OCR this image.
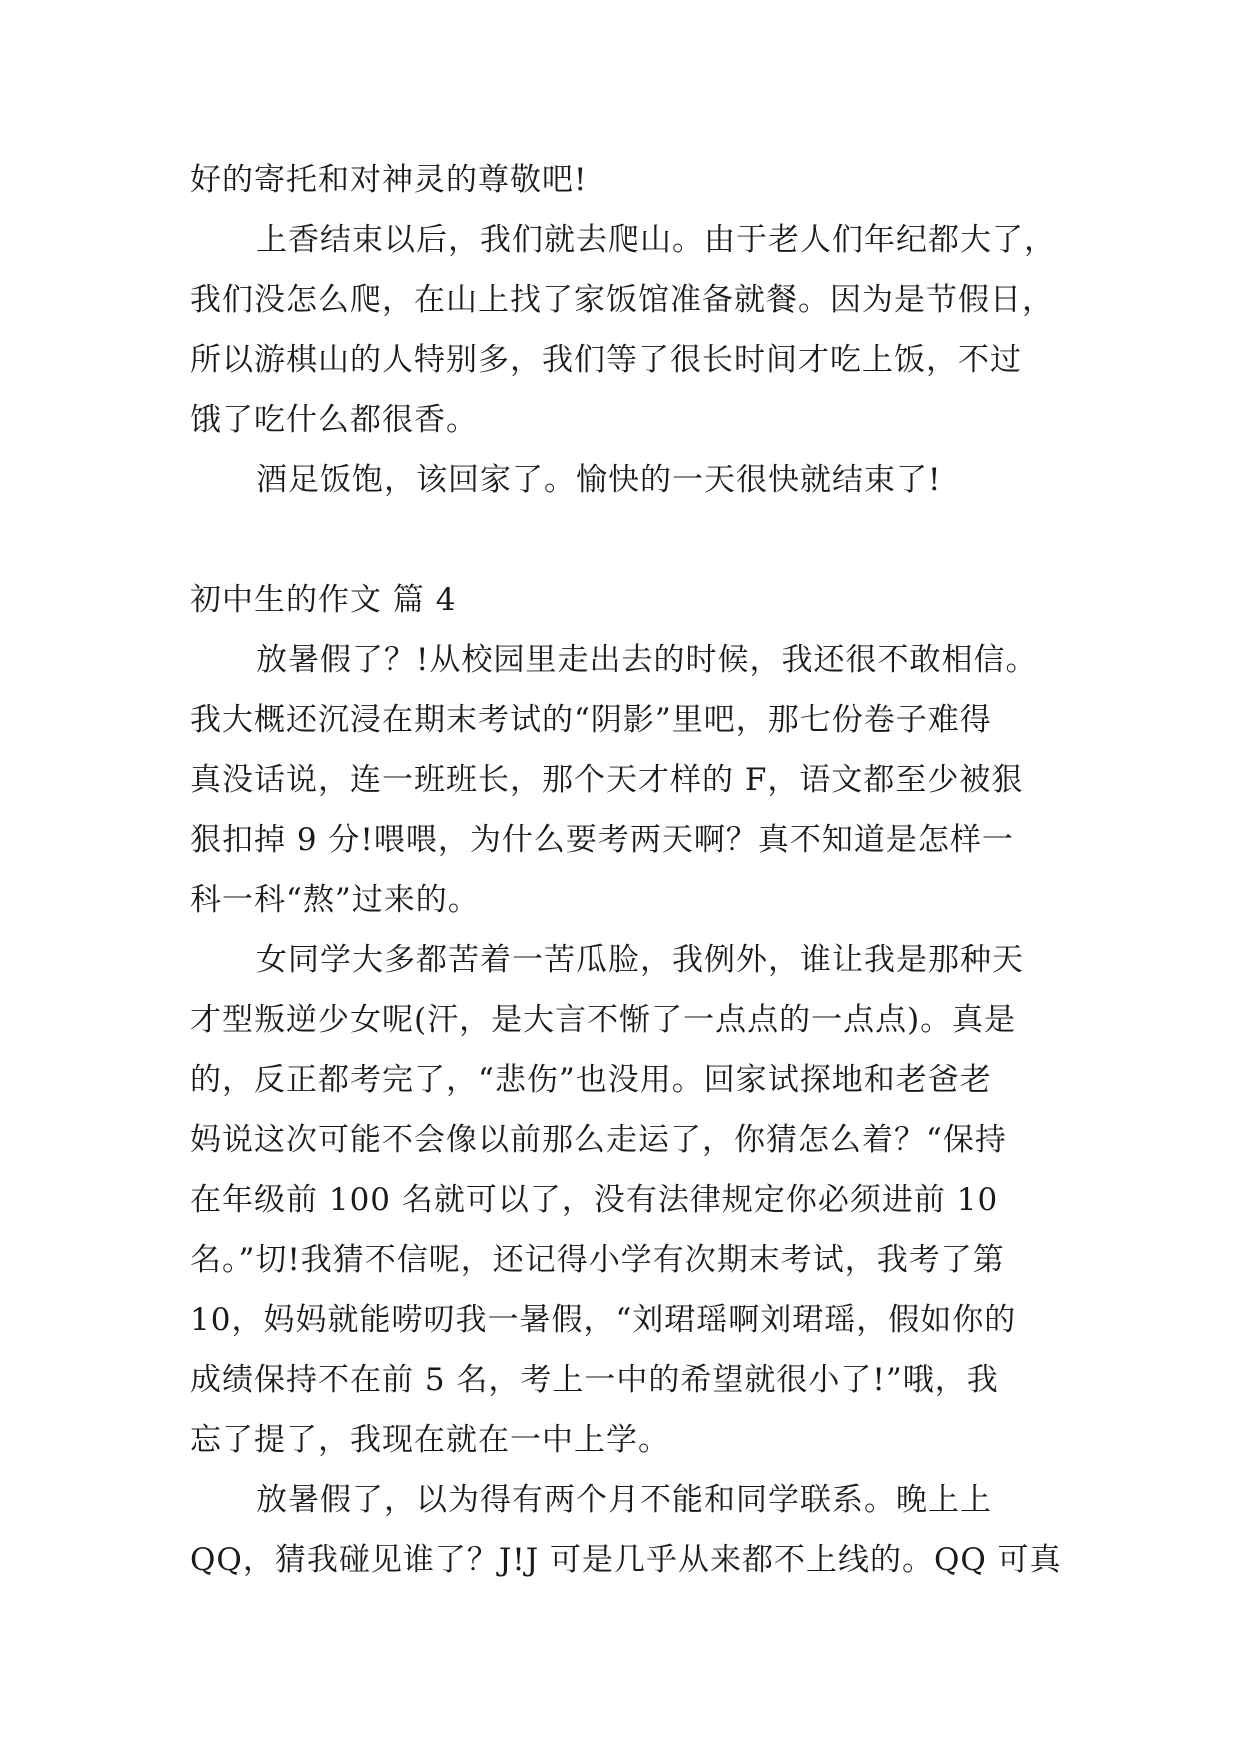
好的寄托和对神灵的尊敬吧!
上香结束以后，我们就去爬山。由于老人们年纪都大了，
我们没怎么爬，在山上找了家饭馆准备就餐。因为是节假日，
所以游棋山的人特别多，我们等了很长时间才吃上饭，不过
饿了吃什么都很香。
酒足饭饱，该回家了。愉快的一天很快就结束了!
初中生的作文 篇 4
放暑假了？!从校园里走出去的时候，我还很不敢相信。
我大概还沉浸在期末考试的“阴影”里吧，那七份卷子难得
真没话说，连一班班长，那个天才样的 F，语文都至少被狠
狠扣掉 9 分!喂喂，为什么要考两天啊？真不知道是怎样一
科一科“熬”过来的。
女同学大多都苦着一苦瓜脸，我例外，谁让我是那种天
才型叛逆少女呢(汗，是大言不惭了一点点的一点点)。真是
的，反正都考完了，“悲伤”也没用。回家试探地和老爸老
妈说这次可能不会像以前那么走运了，你猜怎么着？“保持
在年级前 100 名就可以了，没有法律规定你必须进前 10
名。”切!我猜不信呢，还记得小学有次期末考试，我考了第
10，妈妈就能唠叨我一暑假，“刘珺瑶啊刘珺瑶，假如你的
成绩保持不在前 5 名，考上一中的希望就很小了!”哦，我
忘了提了，我现在就在一中上学。
放暑假了，以为得有两个月不能和同学联系。晚上上
QQ，猜我碰见谁了？J!J 可是几乎从来都不上线的。QQ 可真
